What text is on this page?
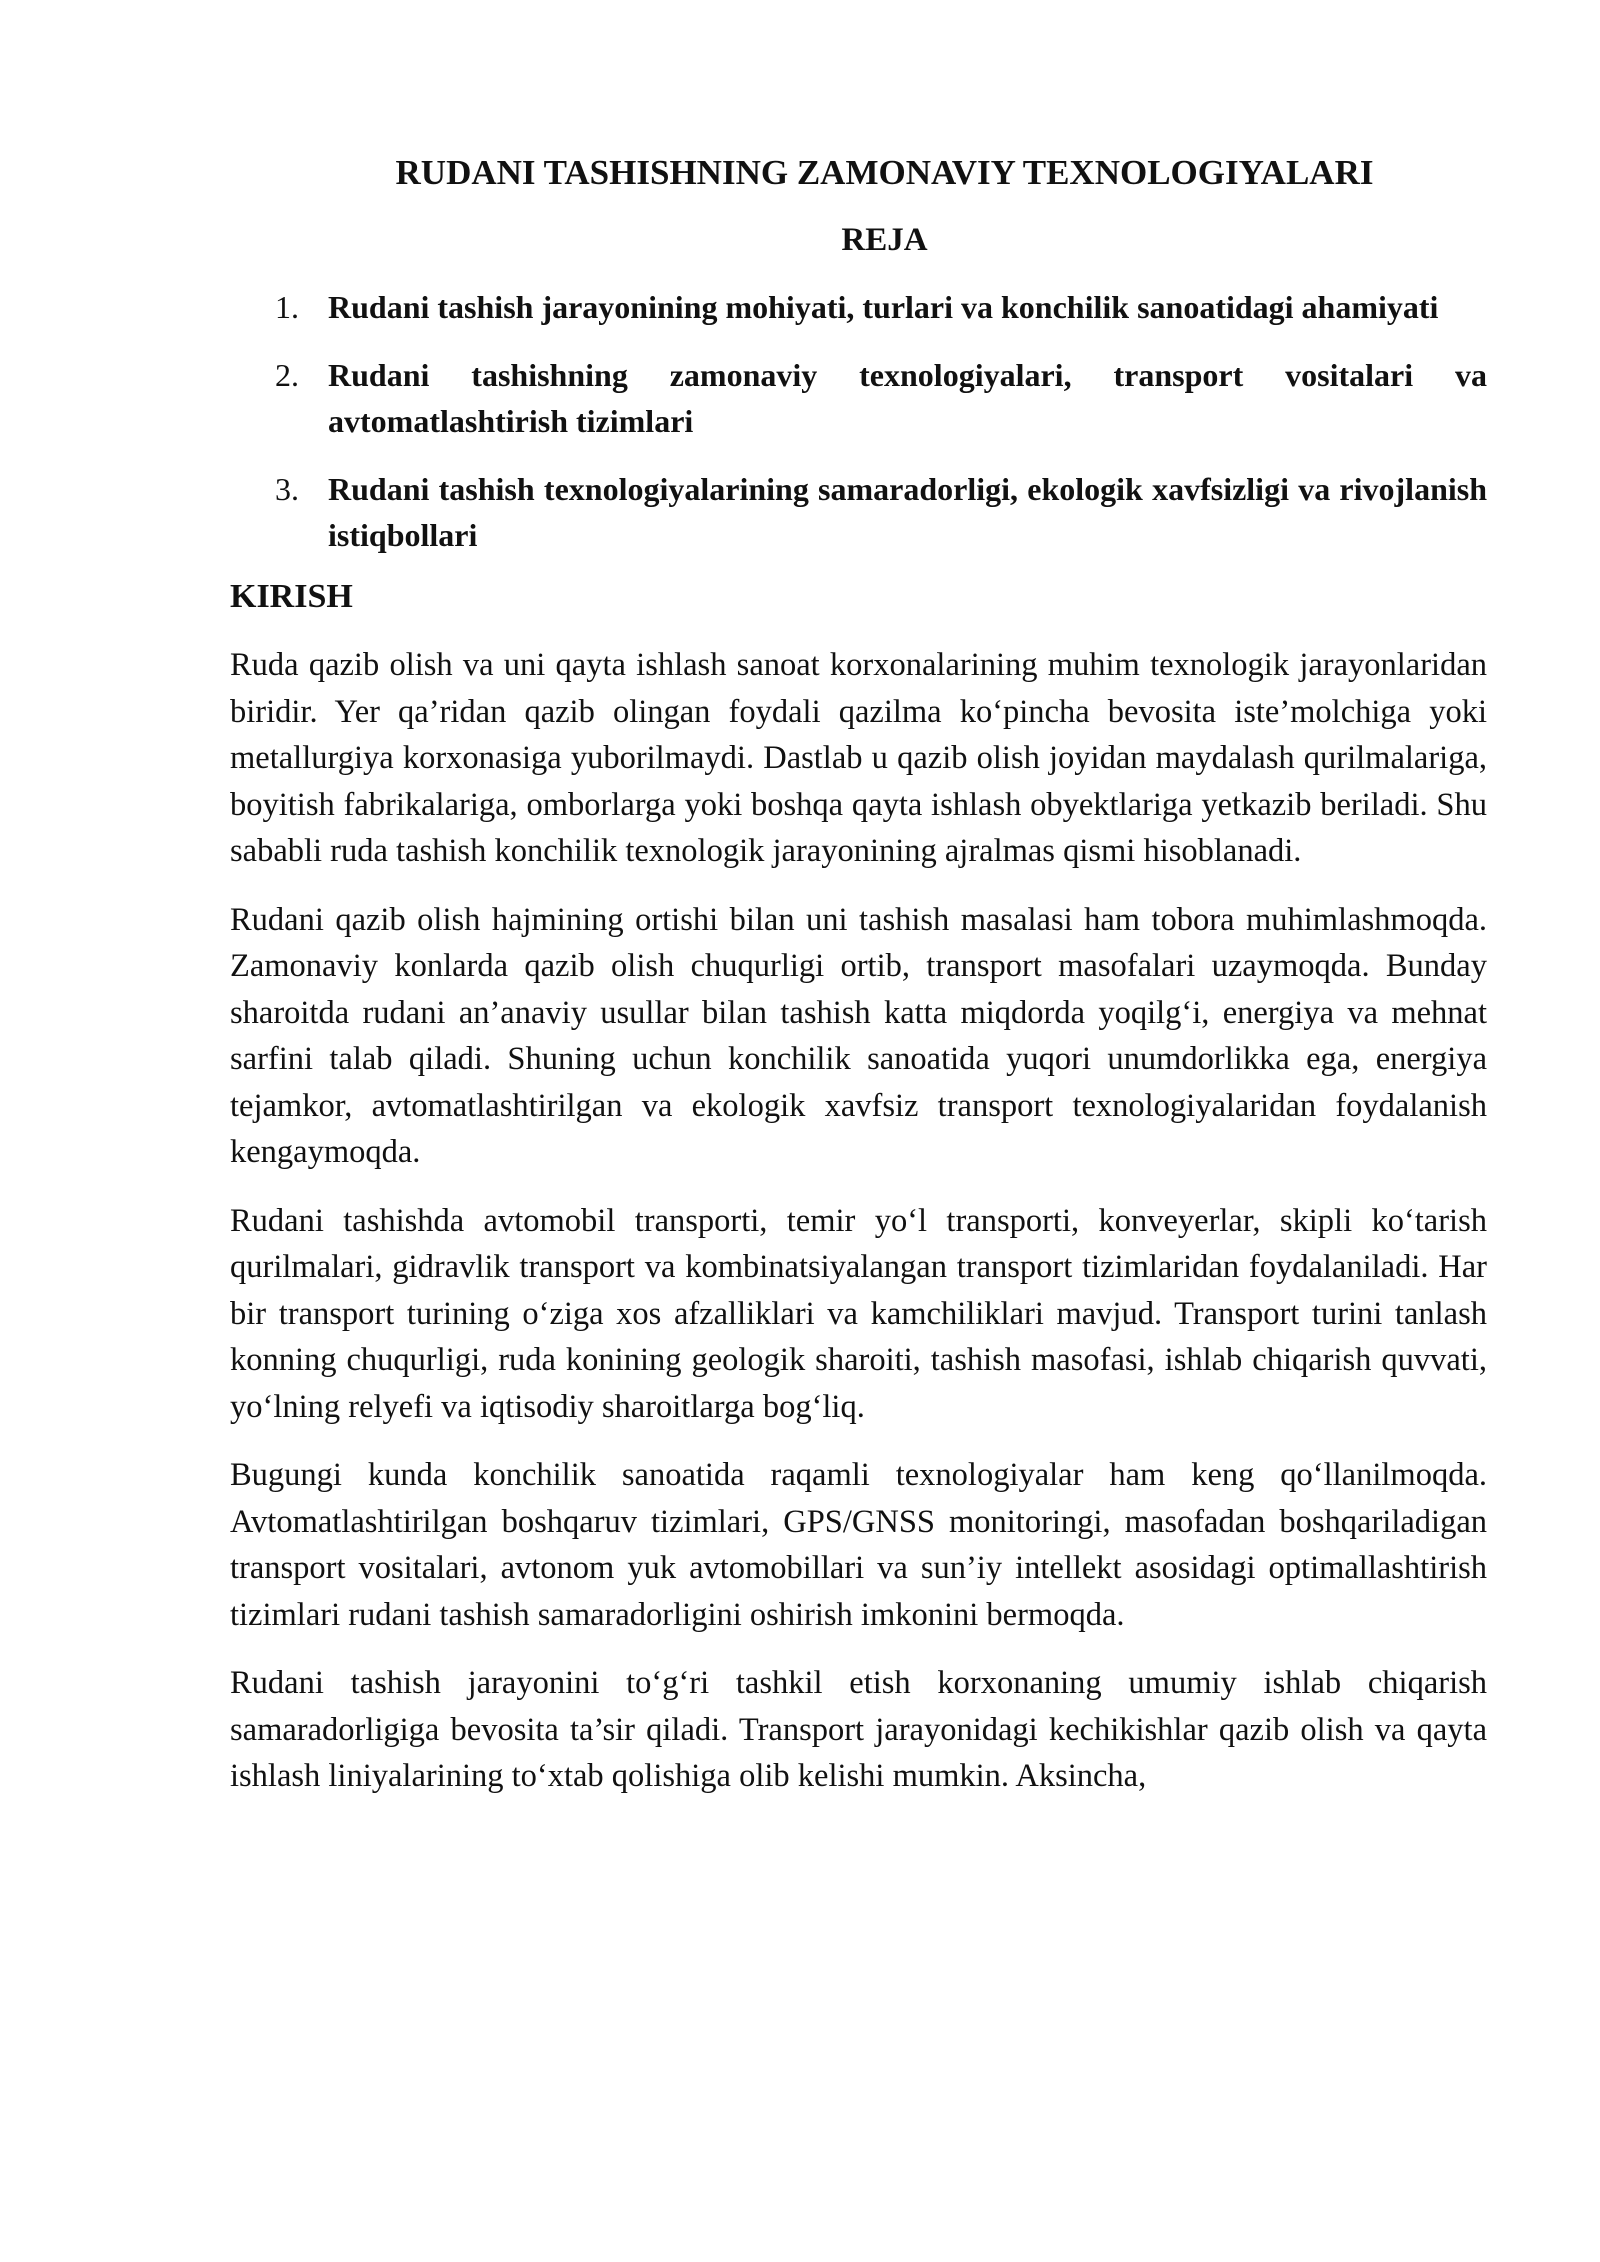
RUDANI TASHISHNING ZAMONAVIY TEXNOLOGIYALARI
REJA
1. Rudani tashish jarayonining mohiyati, turlari va konchilik sanoatidagi ahamiyati
2. Rudani tashishning zamonaviy texnologiyalari, transport vositalari va avtomatlashtirish tizimlari
3. Rudani tashish texnologiyalarining samaradorligi, ekologik xavfsizligi va rivojlanish istiqbollari
KIRISH

Ruda qazib olish va uni qayta ishlash sanoat korxonalarining muhim texnologik jarayonlaridan biridir. Yer qa’ridan qazib olingan foydali qazilma ko‘pincha bevosita iste’molchiga yoki metallurgiya korxonasiga yuborilmaydi. Dastlab u qazib olish joyidan maydalash qurilmalariga, boyitish fabrikalariga, omborlarga yoki boshqa qayta ishlash obyektlariga yetkazib beriladi. Shu sababli ruda tashish konchilik texnologik jarayonining ajralmas qismi hisoblanadi.

Rudani qazib olish hajmining ortishi bilan uni tashish masalasi ham tobora muhimlashmoqda. Zamonaviy konlarda qazib olish chuqurligi ortib, transport masofalari uzaymoqda. Bunday sharoitda rudani an’anaviy usullar bilan tashish katta miqdorda yoqilg‘i, energiya va mehnat sarfini talab qiladi. Shuning uchun konchilik sanoatida yuqori unumdorlikka ega, energiya tejamkor, avtomatlashtirilgan va ekologik xavfsiz transport texnologiyalaridan foydalanish kengaymoqda.

Rudani tashishda avtomobil transporti, temir yo‘l transporti, konveyerlar, skipli ko‘tarish qurilmalari, gidravlik transport va kombinatsiyalangan transport tizimlaridan foydalaniladi. Har bir transport turining o‘ziga xos afzalliklari va kamchiliklari mavjud. Transport turini tanlash konning chuqurligi, ruda konining geologik sharoiti, tashish masofasi, ishlab chiqarish quvvati, yo‘lning relyefi va iqtisodiy sharoitlarga bog‘liq.

Bugungi kunda konchilik sanoatida raqamli texnologiyalar ham keng qo‘llanilmoqda. Avtomatlashtirilgan boshqaruv tizimlari, GPS/GNSS monitoringi, masofadan boshqariladigan transport vositalari, avtonom yuk avtomobillari va sun’iy intellekt asosidagi optimallashtirish tizimlari rudani tashish samaradorligini oshirish imkonini bermoqda.

Rudani tashish jarayonini to‘g‘ri tashkil etish korxonaning umumiy ishlab chiqarish samaradorligiga bevosita ta’sir qiladi. Transport jarayonidagi kechikishlar qazib olish va qayta ishlash liniyalarining to‘xtab qolishiga olib kelishi mumkin. Aksincha,
